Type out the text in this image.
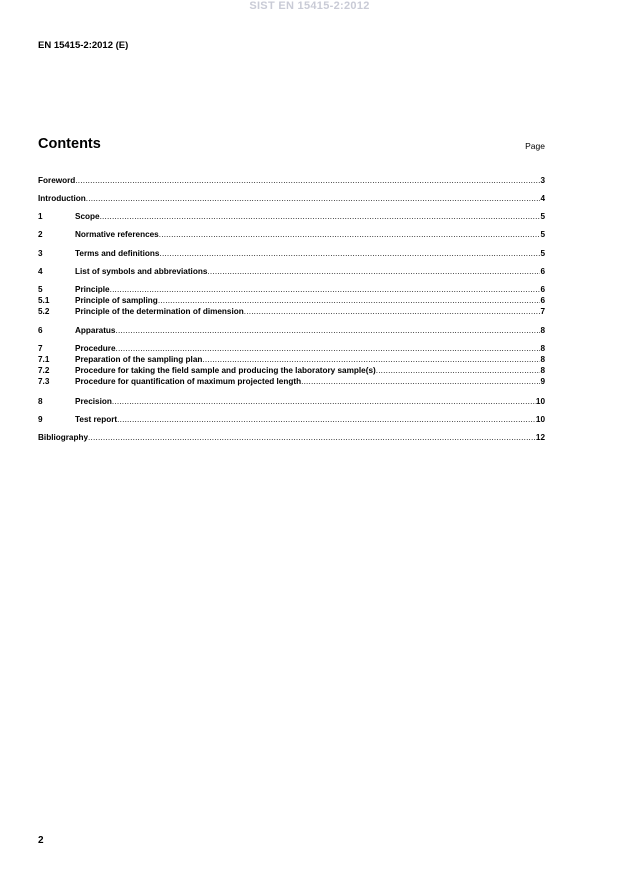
SIST EN 15415-2:2012
EN 15415-2:2012 (E)
Contents	Page
Foreword .....	3
Introduction .....	4
1	Scope .....	5
2	Normative references .....	5
3	Terms and definitions .....	5
4	List of symbols and abbreviations .....	6
5	Principle .....	6
5.1	Principle of sampling .....	6
5.2	Principle of the determination of dimension .....	7
6	Apparatus .....	8
7	Procedure .....	8
7.1	Preparation of the sampling plan .....	8
7.2	Procedure for taking the field sample and producing the laboratory sample(s) .....	8
7.3	Procedure for quantification of maximum projected length .....	9
8	Precision .....	10
9	Test report .....	10
Bibliography .....	12
2
